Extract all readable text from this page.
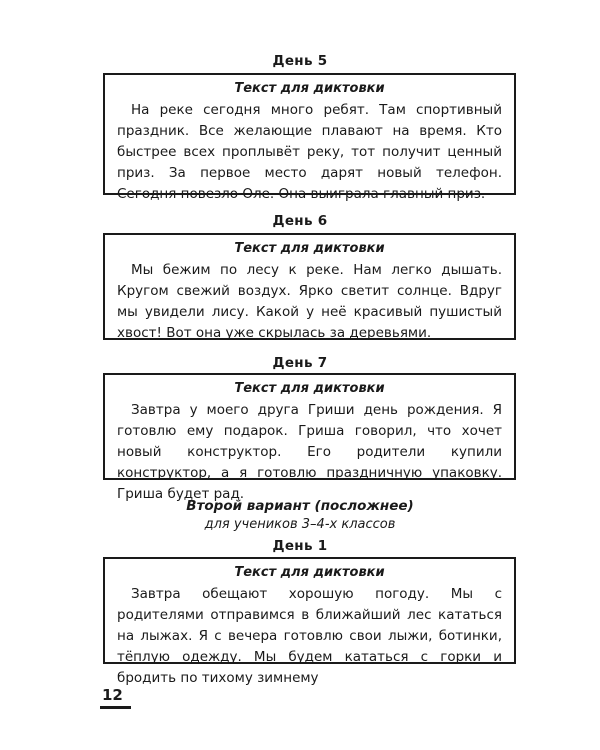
День 5
Текст для диктовки

На реке сегодня много ребят. Там спортивный праздник. Все желающие плавают на время. Кто быстрее всех проплывёт реку, тот получит ценный приз. За первое место дарят новый телефон. Сегодня повезло Оле. Она выиграла главный приз.

День 6
Текст для диктовки

Мы бежим по лесу к реке. Нам легко дышать. Кругом свежий воздух. Ярко светит солнце. Вдруг мы увидели лису. Какой у неё красивый пушистый хвост! Вот она уже скрылась за деревьями.

День 7
Текст для диктовки

Завтра у моего друга Гриши день рождения. Я готовлю ему подарок. Гриша говорил, что хочет новый конструктор. Его родители купили конструктор, а я готовлю праздничную упаковку. Гриша будет рад.

Второй вариант (посложнее)
для учеников 3–4-х классов
День 1
Текст для диктовки

Завтра обещают хорошую погоду. Мы с родителями отправимся в ближайший лес кататься на лыжах. Я с вечера готовлю свои лыжи, ботинки, тёплую одежду. Мы будем кататься с горки и бродить по тихому зимнему

12
